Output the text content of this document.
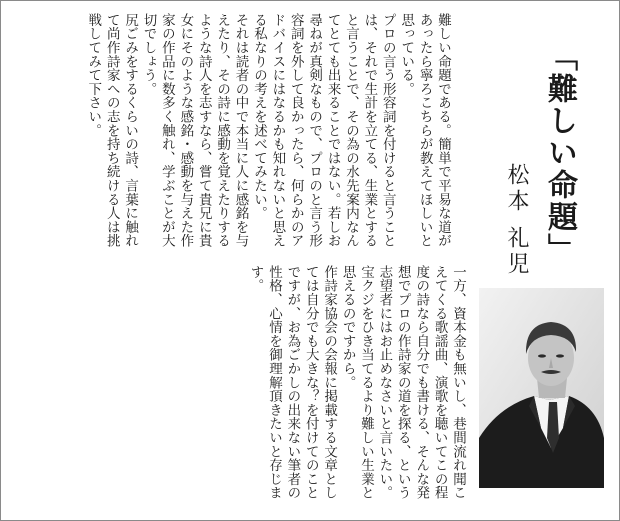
「難しい命題」
松本 礼児

難しい命題である。簡単で平易な道があったら寧ろこちらが教えてほしいと思っている。

プロの言う形容詞を付けると言うことは、それで生計を立てる、生業とすると言うことで、その為の水先案内なんてとても出来ることではない。若しお尋ねが真剣なもので、プロのと言う形容詞を外して良かったら、何らかのアドバイスにはなるかも知れないと思える私なりの考えを述べてみたい。

それは読者の中で本当に人に感銘を与えたり、その詩に感動を覚えたりするような詩人を志すなら、嘗て貴兄に貴女にそのような感銘・感動を与えた作家の作品に数多く触れ、学ぶことが大切でしょう。

尻ごみをするくらいの詩、言葉に触れて尚作詩家への志を持ち続ける人は挑戦してみて下さい。

一方、資本金も無いし、巷間流れ聞こえてくる歌謡曲、演歌を聴いてこの程度の詩なら自分でも書ける、そんな発想でプロの作詩家の道を探る、という志望者にはお止めなさいと言いたい。宝クジをひき当てるより難しい生業と思えるのですから。

作詩家協会の会報に掲載する文章としては自分でも大きな？を付けてのことですが、お為ごかしの出来ない筆者の性格、心情を御理解頂きたいと存じます。
